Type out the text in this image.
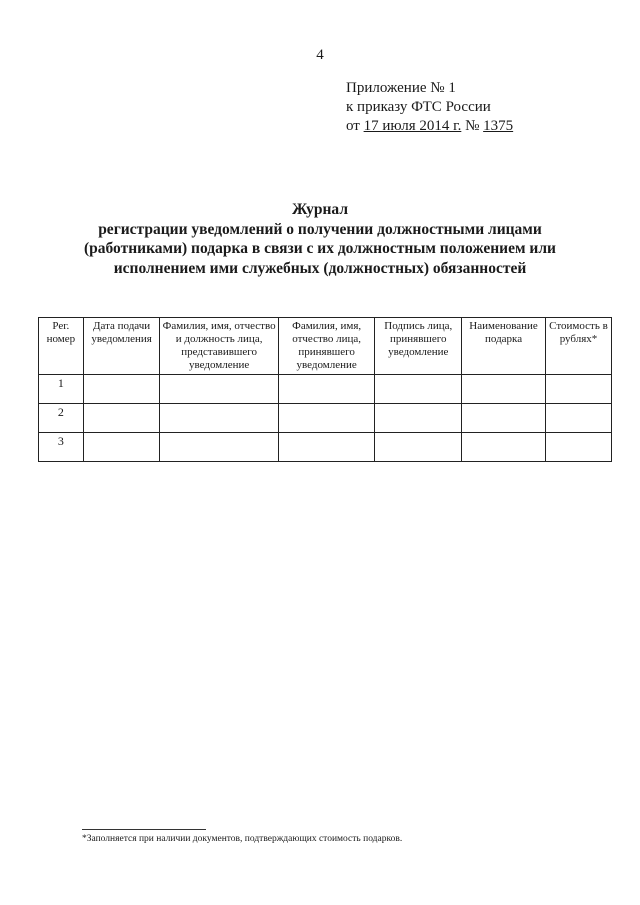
4
Приложение № 1
к приказу ФТС России
от 17 июля 2014 г. № 1375
Журнал
регистрации уведомлений о получении должностными лицами
(работниками) подарка в связи с их должностным положением или
исполнением ими служебных (должностных) обязанностей
Рег. номер	Дата подачи уведомления	Фамилия, имя, отчество и должность лица, представившего уведомление	Фамилия, имя, отчество лица, принявшего уведомление	Подпись лица, принявшего уведомление	Наименование подарка	Стоимость в рублях*
1						
2						
3						
*Заполняется при наличии документов, подтверждающих стоимость подарков.
